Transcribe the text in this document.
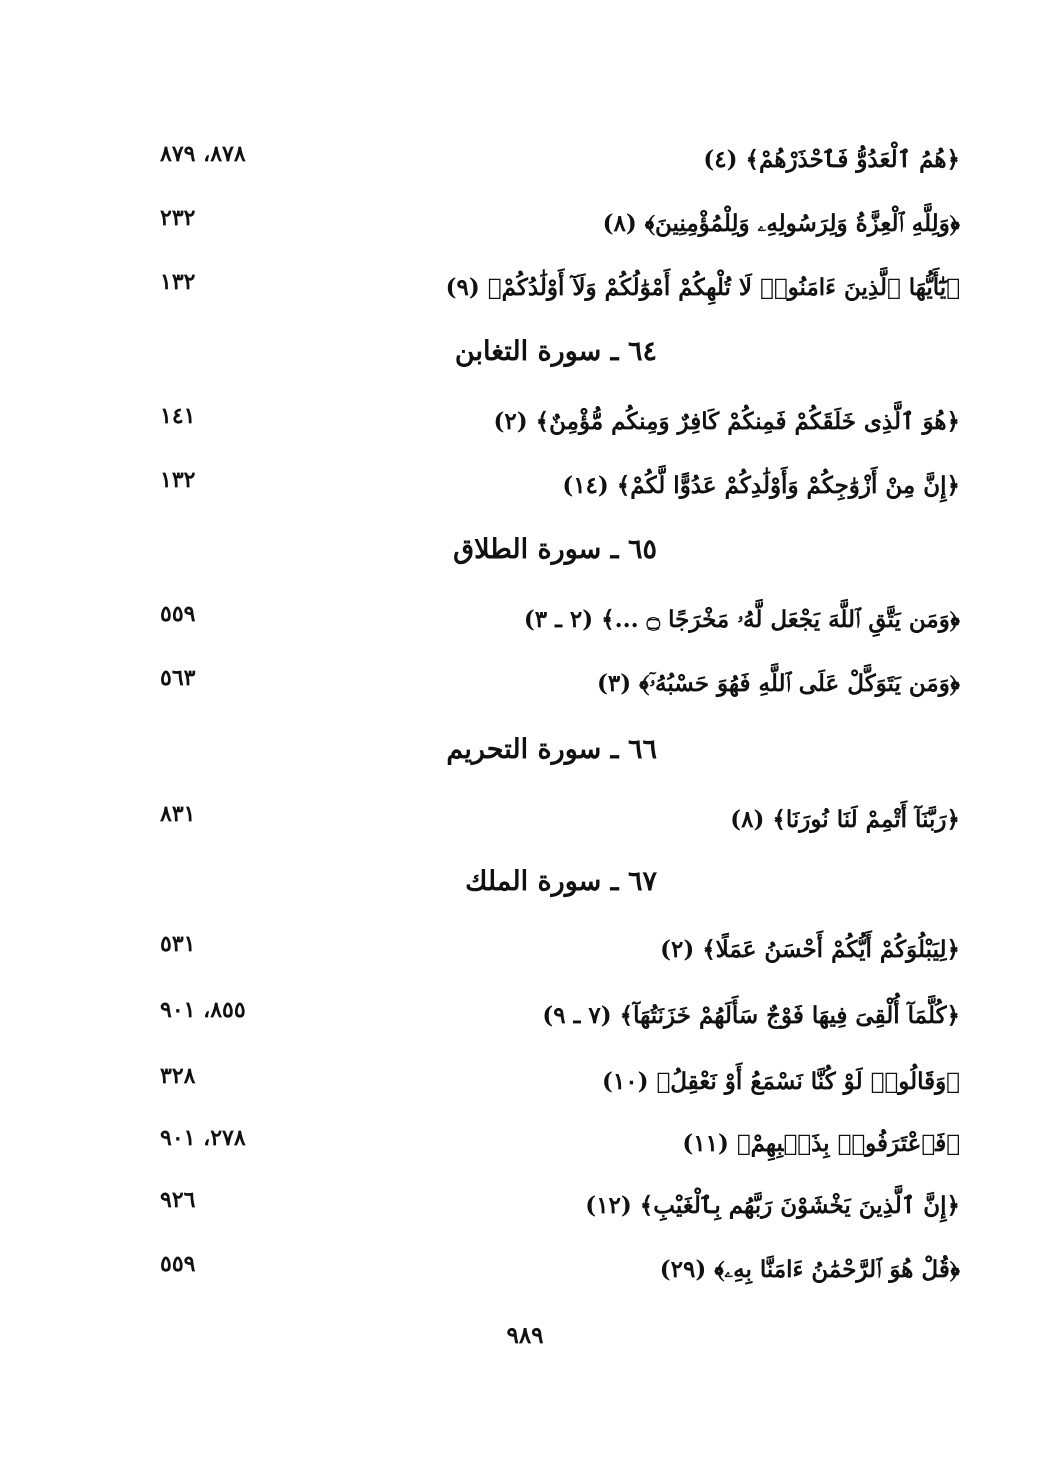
﴿هُمُ ٱلْعَدُوُّ فَٱحْذَرْهُمْ﴾ (٤)
٨٧٨، ٨٧٩
﴿وَلِلَّهِ ٱلْعِزَّةُ وَلِرَسُولِهِۦ وَلِلْمُؤْمِنِينَ﴾ (٨)
٢٣٢
﴿يَٰٓأَيُّهَا ٱلَّذِينَ ءَامَنُوا۟ لَا تُلْهِكُمْ أَمْوَٰلُكُمْ وَلَآ أَوْلَٰدُكُمْ﴾ (٩)
١٣٢
٦٤ ـ سورة التغابن
﴿هُوَ ٱلَّذِى خَلَقَكُمْ فَمِنكُمْ كَافِرٌ وَمِنكُم مُّؤْمِنٌ﴾ (٢)
١٤١
﴿إِنَّ مِنْ أَزْوَٰجِكُمْ وَأَوْلَٰدِكُمْ عَدُوًّا لَّكُمْ﴾ (١٤)
١٣٢
٦٥ ـ سورة الطلاق
﴿وَمَن يَتَّقِ ٱللَّهَ يَجْعَل لَّهُۥ مَخْرَجًا ۝ ...﴾ (٢ ـ ٣)
٥٥٩
﴿وَمَن يَتَوَكَّلْ عَلَى ٱللَّهِ فَهُوَ حَسْبُهُۥٓ﴾ (٣)
٥٦٣
٦٦ ـ سورة التحريم
﴿رَبَّنَآ أَتْمِمْ لَنَا نُورَنَا﴾ (٨)
٨٣١
٦٧ ـ سورة الملك
﴿لِيَبْلُوَكُمْ أَيُّكُمْ أَحْسَنُ عَمَلًا﴾ (٢)
٥٣١
﴿كُلَّمَآ أُلْقِىَ فِيهَا فَوْجٌ سَأَلَهُمْ خَزَنَتُهَآ﴾ (٧ ـ ٩)
٨٥٥، ٩٠١
﴿وَقَالُوا۟ لَوْ كُنَّا نَسْمَعُ أَوْ نَعْقِلُ﴾ (١٠)
٣٢٨
﴿فَٱعْتَرَفُوا۟ بِذَنۢبِهِمْ﴾ (١١)
٢٧٨، ٩٠١
﴿إِنَّ ٱلَّذِينَ يَخْشَوْنَ رَبَّهُم بِٱلْغَيْبِ﴾ (١٢)
٩٢٦
﴿قُلْ هُوَ ٱلرَّحْمَٰنُ ءَامَنَّا بِهِۦ﴾ (٢٩)
٥٥٩
٩٨٩
